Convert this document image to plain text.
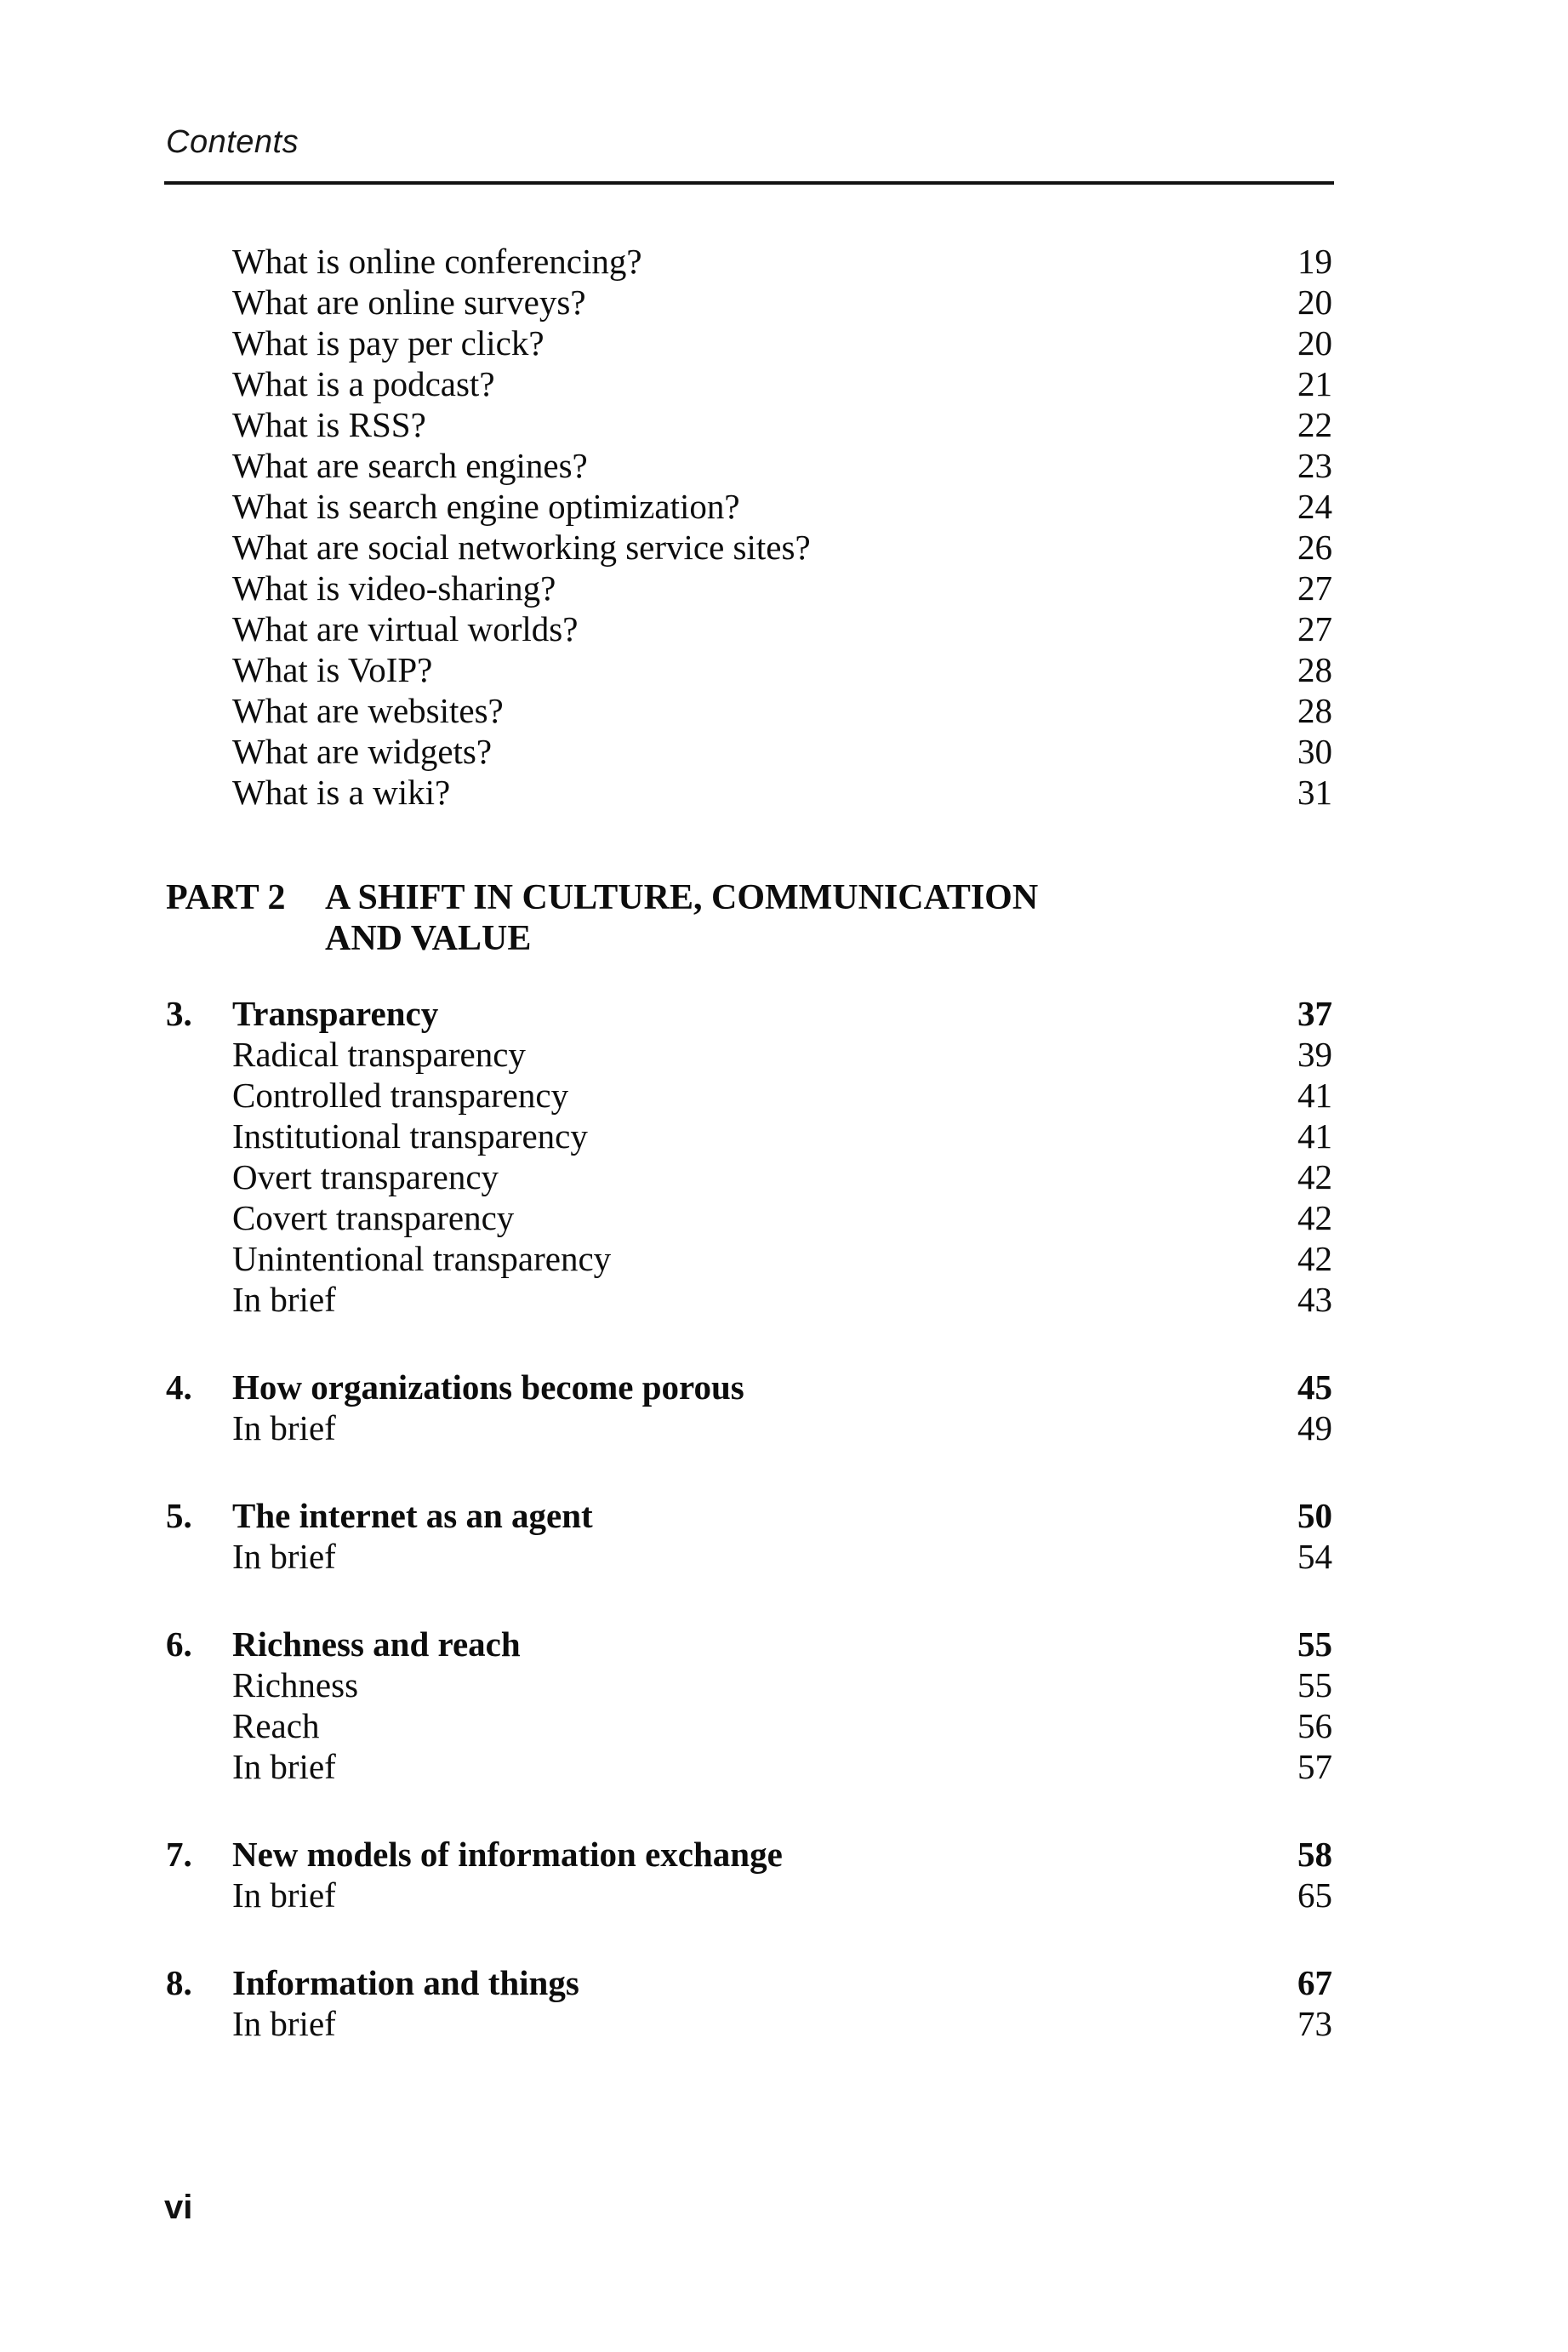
Contents
What is online conferencing?	19
What are online surveys?	20
What is pay per click?	20
What is a podcast?	21
What is RSS?	22
What are search engines?	23
What is search engine optimization?	24
What are social networking service sites?	26
What is video-sharing?	27
What are virtual worlds?	27
What is VoIP?	28
What are websites?	28
What are widgets?	30
What is a wiki?	31
PART 2	A SHIFT IN CULTURE, COMMUNICATION
AND VALUE
3.	Transparency	37
Radical transparency	39
Controlled transparency	41
Institutional transparency	41
Overt transparency	42
Covert transparency	42
Unintentional transparency	42
In brief	43
4.	How organizations become porous	45
In brief	49
5.	The internet as an agent	50
In brief	54
6.	Richness and reach	55
Richness	55
Reach	56
In brief	57
7.	New models of information exchange	58
In brief	65
8.	Information and things	67
In brief	73
vi
